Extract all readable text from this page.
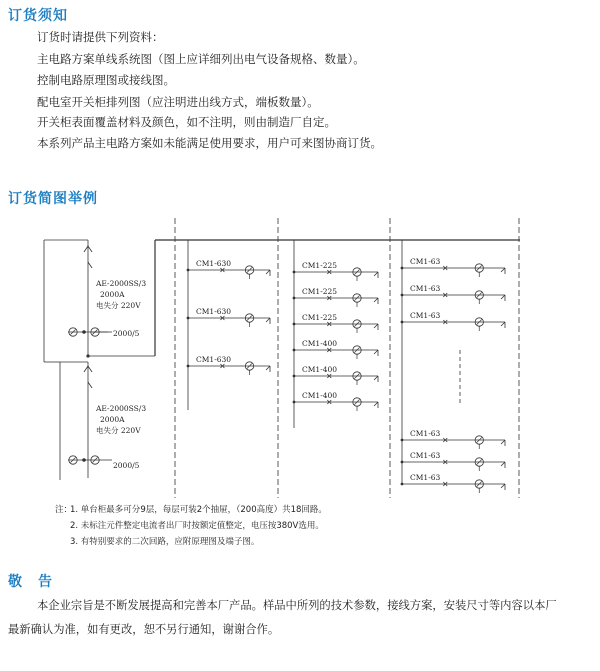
订货须知
订货时请提供下列资料：
主电路方案单线系统图（图上应详细列出电气设备规格、数量）。
控制电路原理图或接线图。
配电室开关柜排列图（应注明进出线方式，端板数量）。
开关柜表面覆盖材料及颜色，如不注明，则由制造厂自定。
本系列产品主电路方案如未能满足使用要求，用户可来图协商订货。
订货简图举例
AE-2000SS/3
2000A
电失分 220V
2000/5
AE-2000SS/3
2000A
电失分 220V
2000/5
CM1-630
CM1-630
CM1-630
CM1-225
CM1-225
CM1-225
CM1-400
CM1-400
CM1-400
CM1-63
CM1-63
CM1-63
CM1-63
CM1-63
CM1-63
注：
1. 单台柜最多可分9层，每层可装2个抽屉，（200高度）共18回路。
2. 未标注元件整定电流者出厂时按额定值整定，电压按380V选用。
3. 有特别要求的二次回路，应附原理图及端子图。
敬　告
本企业宗旨是不断发展提高和完善本厂产品。样品中所列的技术参数，接线方案，安装尺寸等内容以本厂
最新确认为准，如有更改，恕不另行通知，谢谢合作。
